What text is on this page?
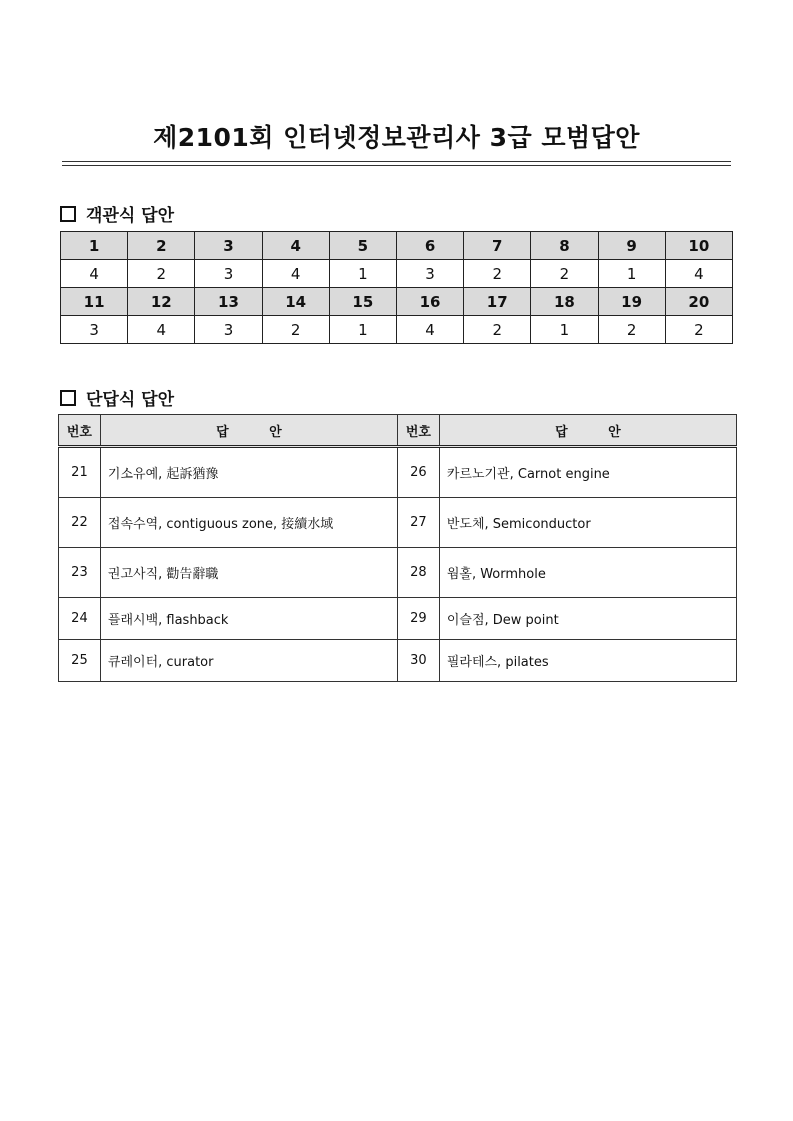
제2101회 인터넷정보관리사 3급 모범답안
객관식 답안
1	2	3	4	5	6	7	8	9	10
4	2	3	4	1	3	2	2	1	4
11	12	13	14	15	16	17	18	19	20
3	4	3	2	1	4	2	1	2	2
단답식 답안
번호	답 안	번호	답 안
21	기소유예, 起訴猶豫	26	카르노기관, Carnot engine
22	접속수역, contiguous zone, 接續水域	27	반도체, Semiconductor
23	권고사직, 勸告辭職	28	웜홀, Wormhole
24	플래시백, flashback	29	이슬점, Dew point
25	큐레이터, curator	30	필라테스, pilates
